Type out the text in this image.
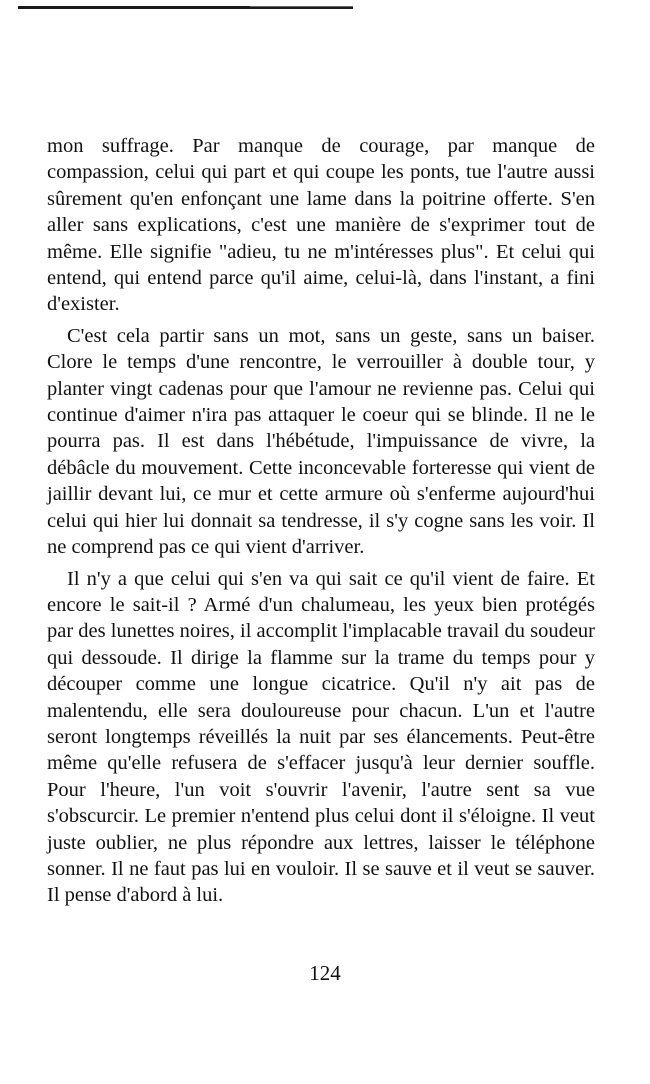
mon suffrage. Par manque de courage, par manque de compassion, celui qui part et qui coupe les ponts, tue l'autre aussi sûrement qu'en enfonçant une lame dans la poitrine offerte. S'en aller sans explications, c'est une manière de s'exprimer tout de même. Elle signifie "adieu, tu ne m'intéresses plus". Et celui qui entend, qui entend parce qu'il aime, celui-là, dans l'instant, a fini d'exister.

C'est cela partir sans un mot, sans un geste, sans un baiser. Clore le temps d'une rencontre, le verrouiller à double tour, y planter vingt cadenas pour que l'amour ne revienne pas. Celui qui continue d'aimer n'ira pas attaquer le coeur qui se blinde. Il ne le pourra pas. Il est dans l'hébétude, l'impuissance de vivre, la débâcle du mouvement. Cette inconcevable forteresse qui vient de jaillir devant lui, ce mur et cette armure où s'enferme aujourd'hui celui qui hier lui donnait sa tendresse, il s'y cogne sans les voir. Il ne comprend pas ce qui vient d'arriver.

Il n'y a que celui qui s'en va qui sait ce qu'il vient de faire. Et encore le sait-il ? Armé d'un chalumeau, les yeux bien protégés par des lunettes noires, il accomplit l'implacable travail du soudeur qui dessoude. Il dirige la flamme sur la trame du temps pour y découper comme une longue cicatrice. Qu'il n'y ait pas de malentendu, elle sera douloureuse pour chacun. L'un et l'autre seront longtemps réveillés la nuit par ses élancements. Peut-être même qu'elle refusera de s'effacer jusqu'à leur dernier souffle. Pour l'heure, l'un voit s'ouvrir l'avenir, l'autre sent sa vue s'obscurcir. Le premier n'entend plus celui dont il s'éloigne. Il veut juste oublier, ne plus répondre aux lettres, laisser le téléphone sonner. Il ne faut pas lui en vouloir. Il se sauve et il veut se sauver. Il pense d'abord à lui.

124
